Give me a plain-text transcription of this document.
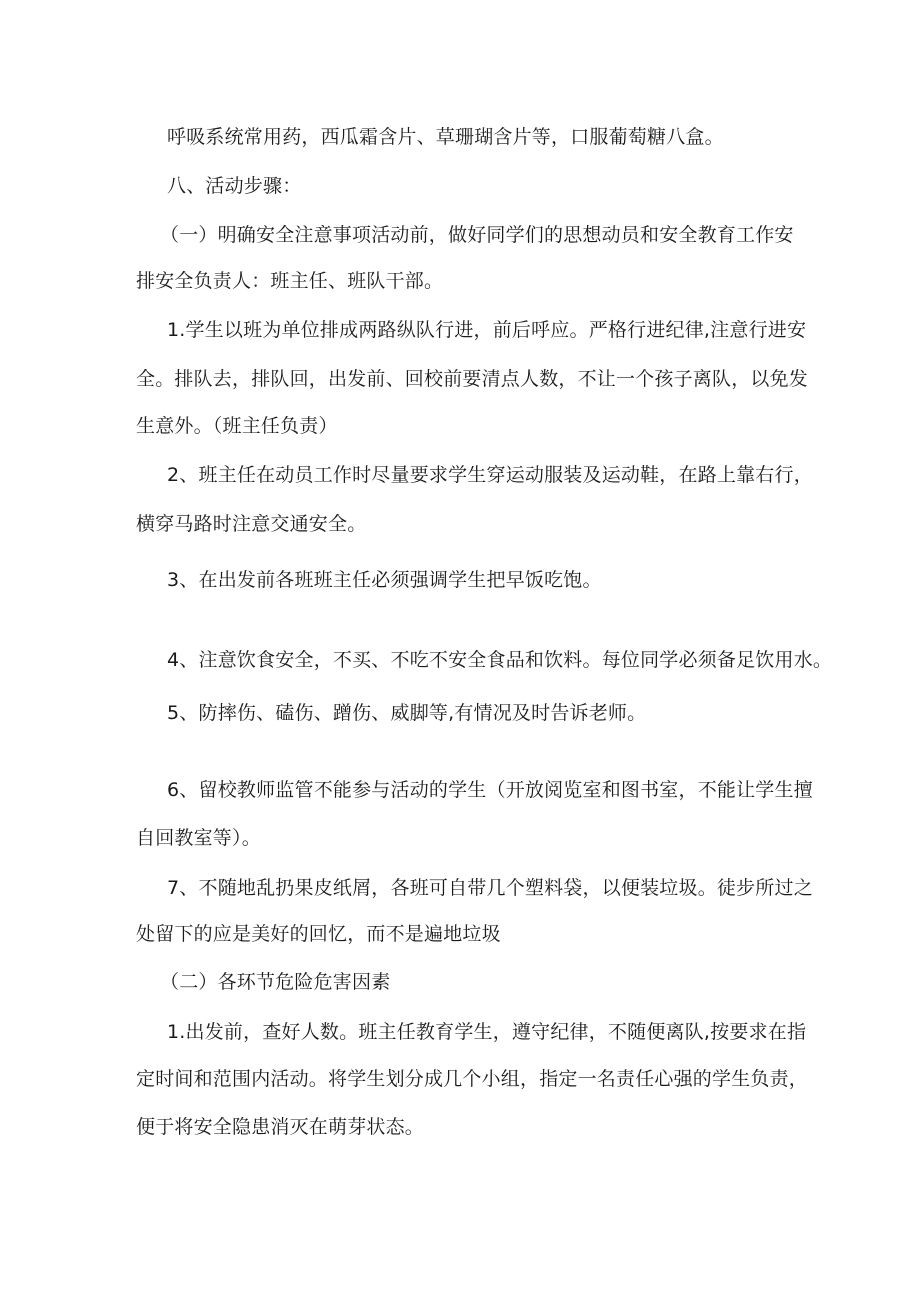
呼吸系统常用药，西瓜霜含片、草珊瑚含片等，口服葡萄糖八盒。
八、活动步骤：
（一）明确安全注意事项活动前，做好同学们的思想动员和安全教育工作安
排安全负责人：班主任、班队干部。
1.学生以班为单位排成两路纵队行进，前后呼应。严格行进纪律,注意行进安
全。排队去，排队回，出发前、回校前要清点人数，不让一个孩子离队，以免发
生意外。（班主任负责）
2、班主任在动员工作时尽量要求学生穿运动服装及运动鞋，在路上靠右行，
横穿马路时注意交通安全。
3、在出发前各班班主任必须强调学生把早饭吃饱。
4、注意饮食安全，不买、不吃不安全食品和饮料。每位同学必须备足饮用水。
5、防摔伤、磕伤、蹭伤、威脚等,有情况及时告诉老师。
6、留校教师监管不能参与活动的学生（开放阅览室和图书室，不能让学生擅
自回教室等）。
7、不随地乱扔果皮纸屑，各班可自带几个塑料袋，以便装垃圾。徒步所过之
处留下的应是美好的回忆，而不是遍地垃圾
（二）各环节危险危害因素
1.出发前，查好人数。班主任教育学生，遵守纪律，不随便离队,按要求在指
定时间和范围内活动。将学生划分成几个小组，指定一名责任心强的学生负责，
便于将安全隐患消灭在萌芽状态。
